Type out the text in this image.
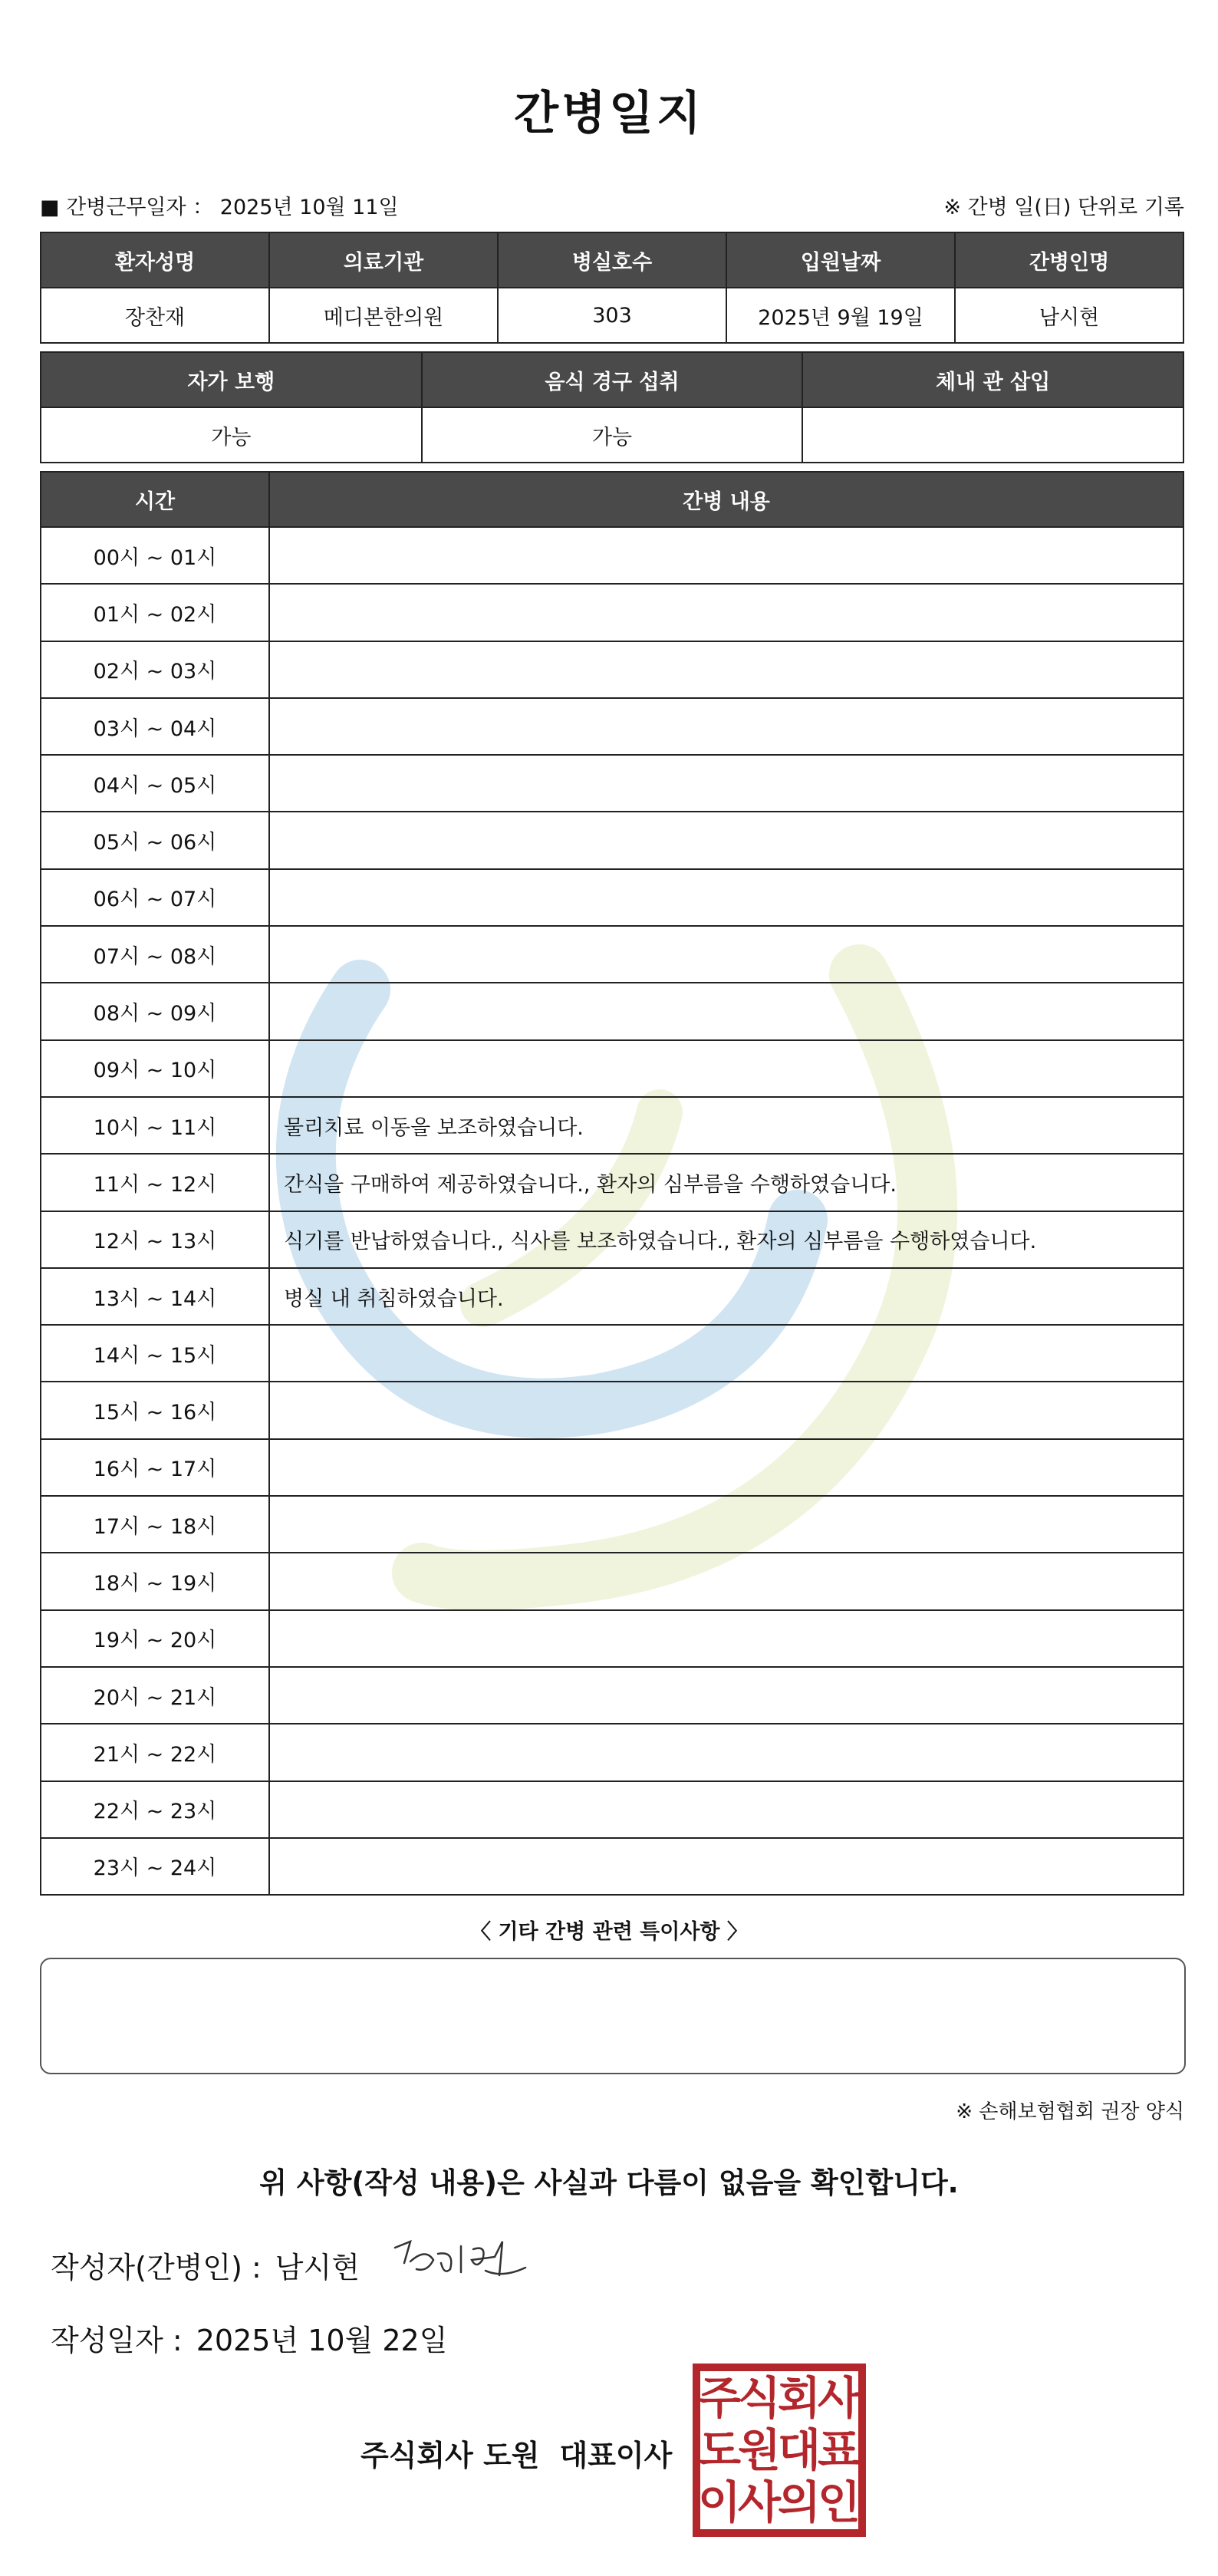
간병일지
■ 간병근무일자 ： 2025년 10월 11일	※ 간병 일(日) 단위로 기록
환자성명	의료기관	병실호수	입원날짜	간병인명
장찬재	메디본한의원	303	2025년 9월 19일	남시현
자가 보행	음식 경구 섭취	체내 관 삽입
가능	가능	
시간	간병 내용
00시 ~ 01시	
01시 ~ 02시	
02시 ~ 03시	
03시 ~ 04시	
04시 ~ 05시	
05시 ~ 06시	
06시 ~ 07시	
07시 ~ 08시	
08시 ~ 09시	
09시 ~ 10시	
10시 ~ 11시	물리치료 이동을 보조하였습니다.
11시 ~ 12시	간식을 구매하여 제공하였습니다., 환자의 심부름을 수행하였습니다.
12시 ~ 13시	식기를 반납하였습니다., 식사를 보조하였습니다., 환자의 심부름을 수행하였습니다.
13시 ~ 14시	병실 내 취침하였습니다.
14시 ~ 15시	
15시 ~ 16시	
16시 ~ 17시	
17시 ~ 18시	
18시 ~ 19시	
19시 ~ 20시	
20시 ~ 21시	
21시 ~ 22시	
22시 ~ 23시	
23시 ~ 24시	
〈 기타 간병 관련 특이사항 〉
※ 손해보험협회 권장 양식
위 사항(작성 내용)은 사실과 다름이 없음을 확인합니다.
작성자(간병인) : 남시현
작성일자 : 2025년 10월 22일
주식회사 도원 대표이사
주
식
회
사
도
원
대
표
이
사
의
인
